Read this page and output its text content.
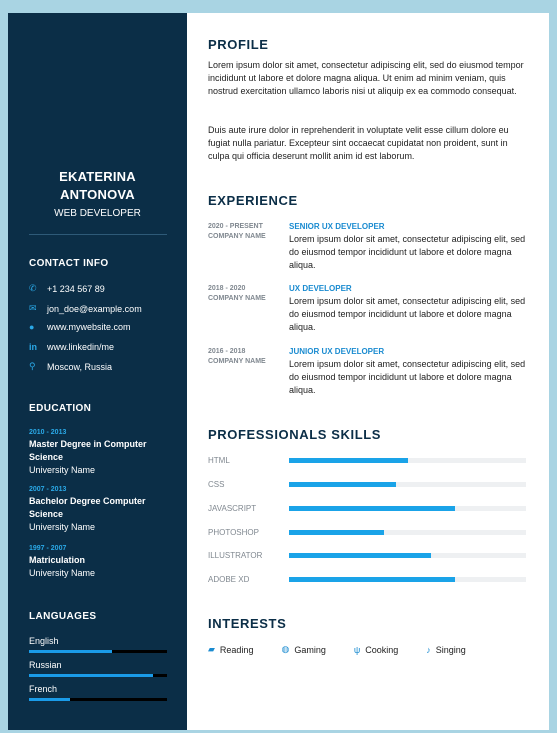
EKATERINA
ANTONOVA
WEB DEVELOPER
CONTACT INFO
✆	+1 234 567 89
✉	jon_doe@example.com
●	www.mywebsite.com
in	www.linkedin/me
⚲	Moscow, Russia
EDUCATION
2010 - 2013
Master Degree in Computer Science
University Name
2007 - 2013
Bachelor Degree Computer Science
University Name
1997 - 2007
Matriculation
University Name
LANGUAGES
English
Russian
French
PROFILE
Lorem ipsum dolor sit amet, consectetur adipiscing elit, sed do eiusmod tempor incididunt ut labore et dolore magna aliqua. Ut enim ad minim veniam, quis nostrud exercitation ullamco laboris nisi ut aliquip ex ea commodo consequat.
Duis aute irure dolor in reprehenderit in voluptate velit esse cillum dolore eu fugiat nulla pariatur. Excepteur sint occaecat cupidatat non proident, sunt in culpa qui officia deserunt mollit anim id est laborum.
EXPERIENCE
2020 - PRESENT
COMPANY NAME
SENIOR UX DEVELOPER
Lorem ipsum dolor sit amet, consectetur adipiscing elit, sed do eiusmod tempor incididunt ut labore et dolore magna aliqua.
2018 - 2020
COMPANY NAME
UX DEVELOPER
Lorem ipsum dolor sit amet, consectetur adipiscing elit, sed do eiusmod tempor incididunt ut labore et dolore magna aliqua.
2016 - 2018
COMPANY NAME
JUNIOR UX DEVELOPER
Lorem ipsum dolor sit amet, consectetur adipiscing elit, sed do eiusmod tempor incididunt ut labore et dolore magna aliqua.
PROFESSIONALS SKILLS
HTML
CSS
JAVASCRIPT
PHOTOSHOP
ILLUSTRATOR
ADOBE XD
INTERESTS
▰ Reading	◍ Gaming	ψ Cooking	♪ Singing
